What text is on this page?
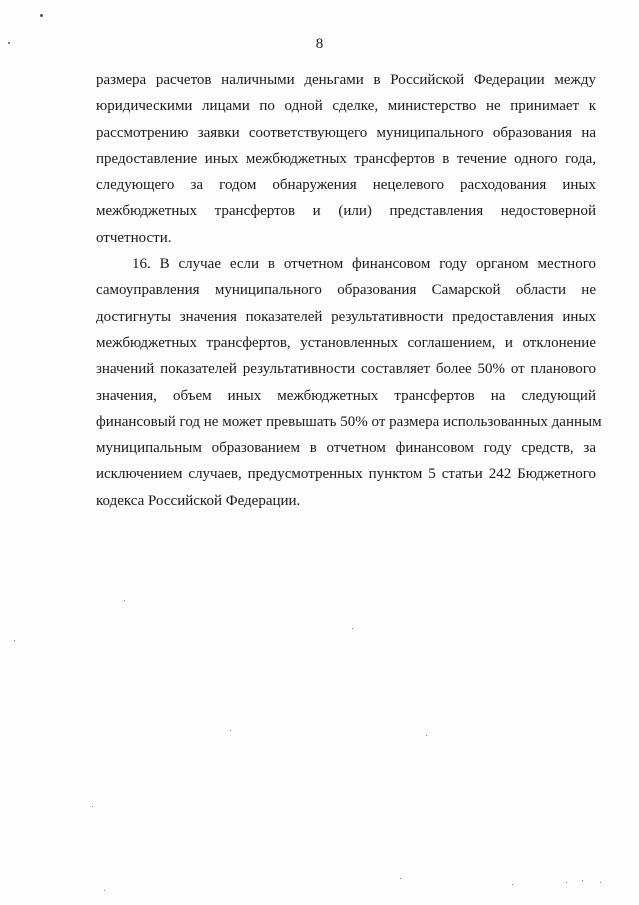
8
размера расчетов наличными деньгами в Российской Федерации между
юридическими лицами по одной сделке, министерство не принимает к
рассмотрению заявки соответствующего муниципального образования на
предоставление иных межбюджетных трансфертов в течение одного года,
следующего за годом обнаружения нецелевого расходования иных
межбюджетных трансфертов и (или) представления недостоверной
отчетности.
16. В случае если в отчетном финансовом году органом местного
самоуправления муниципального образования Самарской области не
достигнуты значения показателей результативности предоставления иных
межбюджетных трансфертов, установленных соглашением, и отклонение
значений показателей результативности составляет более 50% от планового
значения, объем иных межбюджетных трансфертов на следующий
финансовый год не может превышать 50% от размера использованных данным
муниципальным образованием в отчетном финансовом году средств, за
исключением случаев, предусмотренных пунктом 5 статьи 242 Бюджетного
кодекса Российской Федерации.
